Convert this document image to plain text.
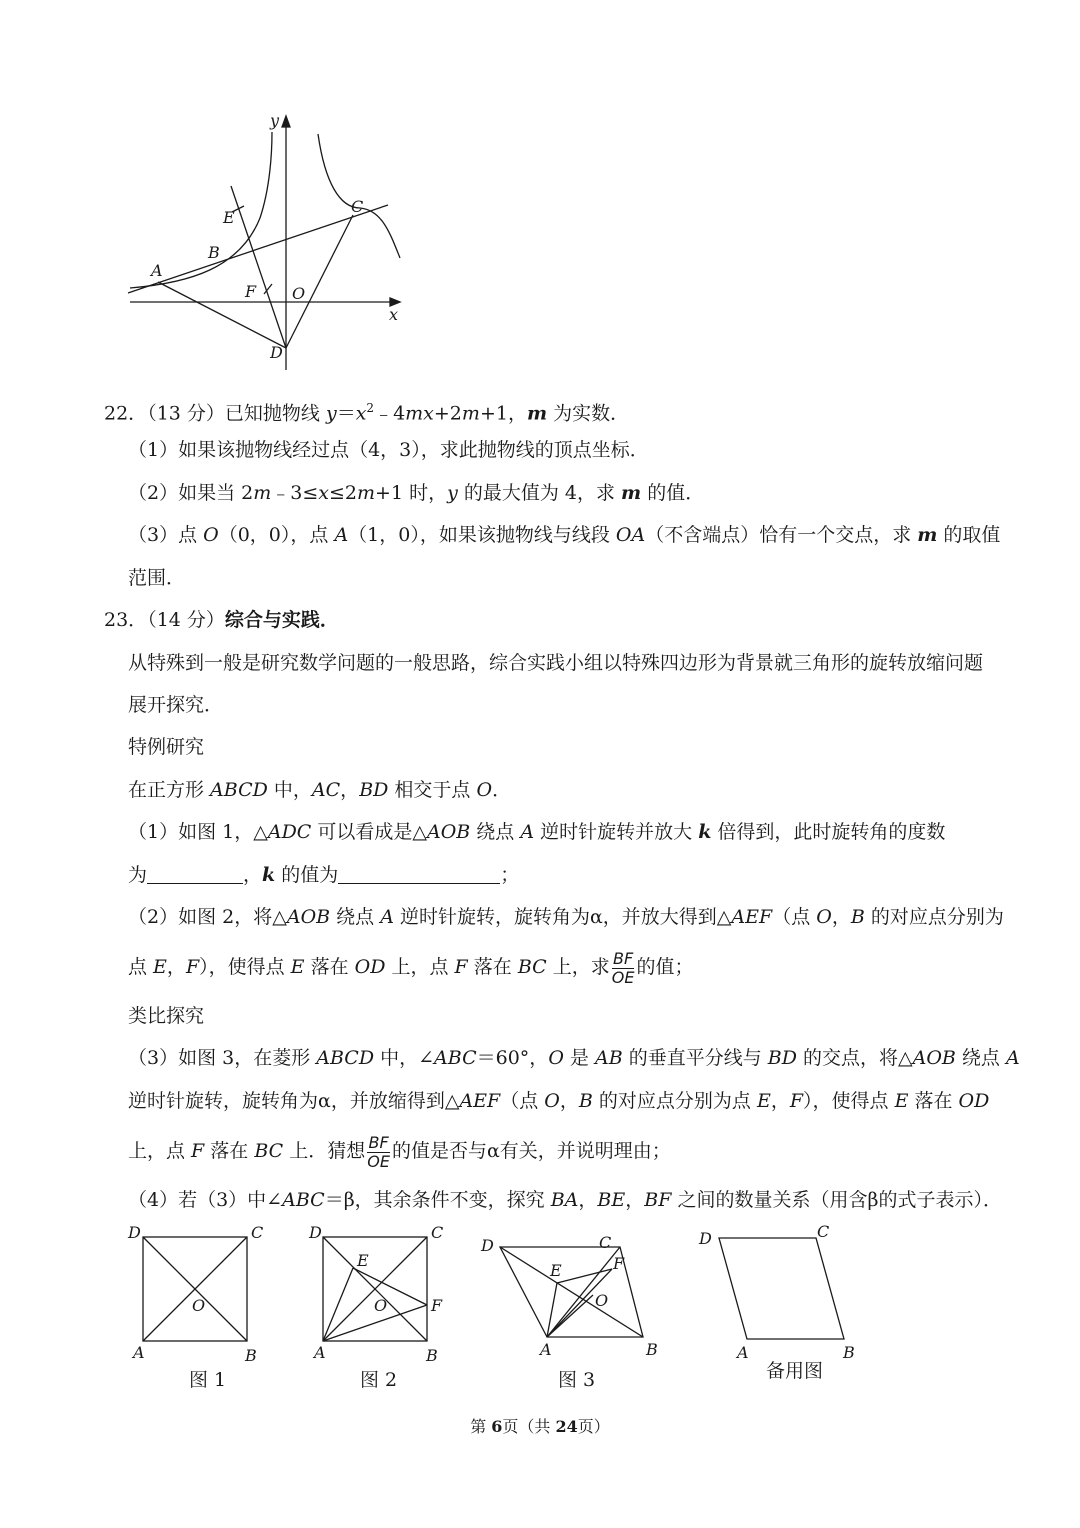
y
x
E
C
B
A
F O
D
22．（13 分）已知抛物线 $y=x^2﹣4mx+2m+1$，m 为实数．
（1）如果该抛物线经过点（4，3），求此抛物线的顶点坐标．
（2）如果当 2m﹣3≤x≤2m+1 时，y 的最大值为 4，求 m 的值．
（3）点 O（0，0），点 A（1，0），如果该抛物线与线段 OA（不含端点）恰有一个交点，求 m 的取值
范围．
23．（14 分）综合与实践．
从特殊到一般是研究数学问题的一般思路，综合实践小组以特殊四边形为背景就三角形的旋转放缩问题
展开探究．
特例研究
在正方形 ABCD 中，AC，BD 相交于点 O．
（1）如图 1，△ADC 可以看成是△AOB 绕点 A 逆时针旋转并放大 k 倍得到，此时旋转角的度数
为	，k 的值为	；
（2）如图 2，将△AOB 绕点 A 逆时针旋转，旋转角为α，并放大得到△AEF（点 O，B 的对应点分别为
点 E，F），使得点 E 落在 OD 上，点 F 落在 BC 上，求 $\frac{BF}{OE}$ 的值；
类比探究
（3）如图 3，在菱形 ABCD 中，∠ABC＝60°，O 是 AB 的垂直平分线与 BD 的交点，将△AOB 绕点 A
逆时针旋转，旋转角为α，并放缩得到△AEF（点 O，B 的对应点分别为点 E，F），使得点 E 落在 OD
上，点 F 落在 BC 上．猜想 $\frac{BF}{OE}$ 的值是否与α有关，并说明理由；
（4）若（3）中∠ABC＝β，其余条件不变，探究 BA，BE，BF 之间的数量关系（用含β的式子表示）．
D	C
O
A	B
图 1
D	C
E
O	F
A	B
图 2
D	C
E	F
O
A	B
图 3
D	C
A	B
备用图
第 6页（共 24页）
